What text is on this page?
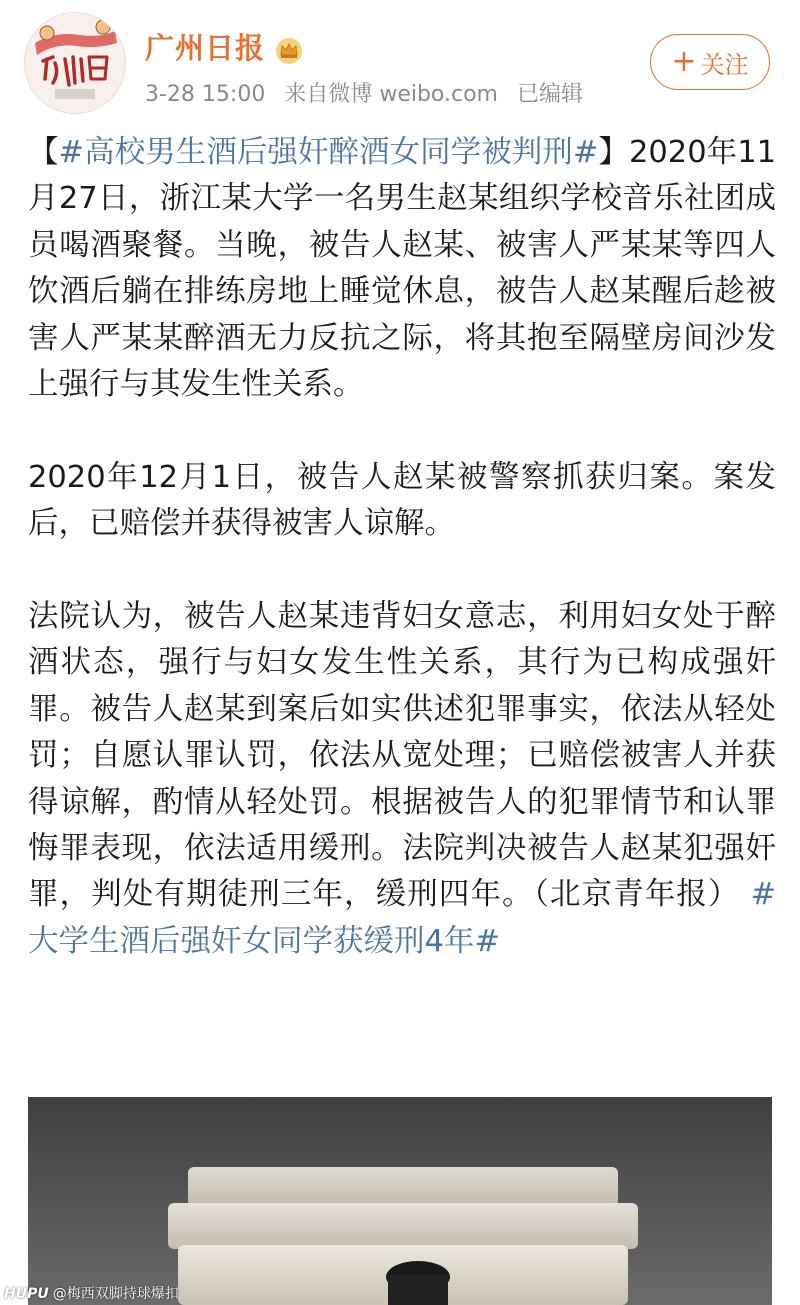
广州日报
3-28 15:00 来自微博 weibo.com 已编辑
+ 关注

【#高校男生酒后强奸醉酒女同学被判刑#】2020年11月27日，浙江某大学一名男生赵某组织学校音乐社团成员喝酒聚餐。当晚，被告人赵某、被害人严某某等四人饮酒后躺在排练房地上睡觉休息，被告人赵某醒后趁被害人严某某醉酒无力反抗之际，将其抱至隔壁房间沙发上强行与其发生性关系。

2020年12月1日，被告人赵某被警察抓获归案。案发后，已赔偿并获得被害人谅解。

法院认为，被告人赵某违背妇女意志，利用妇女处于醉酒状态，强行与妇女发生性关系，其行为已构成强奸罪。被告人赵某到案后如实供述犯罪事实，依法从轻处罚；自愿认罪认罚，依法从宽处理；已赔偿被害人并获得谅解，酌情从轻处罚。根据被告人的犯罪情节和认罪悔罪表现，依法适用缓刑。法院判决被告人赵某犯强奸罪，判处有期徒刑三年，缓刑四年。（北京青年报） #大学生酒后强奸女同学获缓刑4年#

HUPU @梅西双脚持球爆扣
